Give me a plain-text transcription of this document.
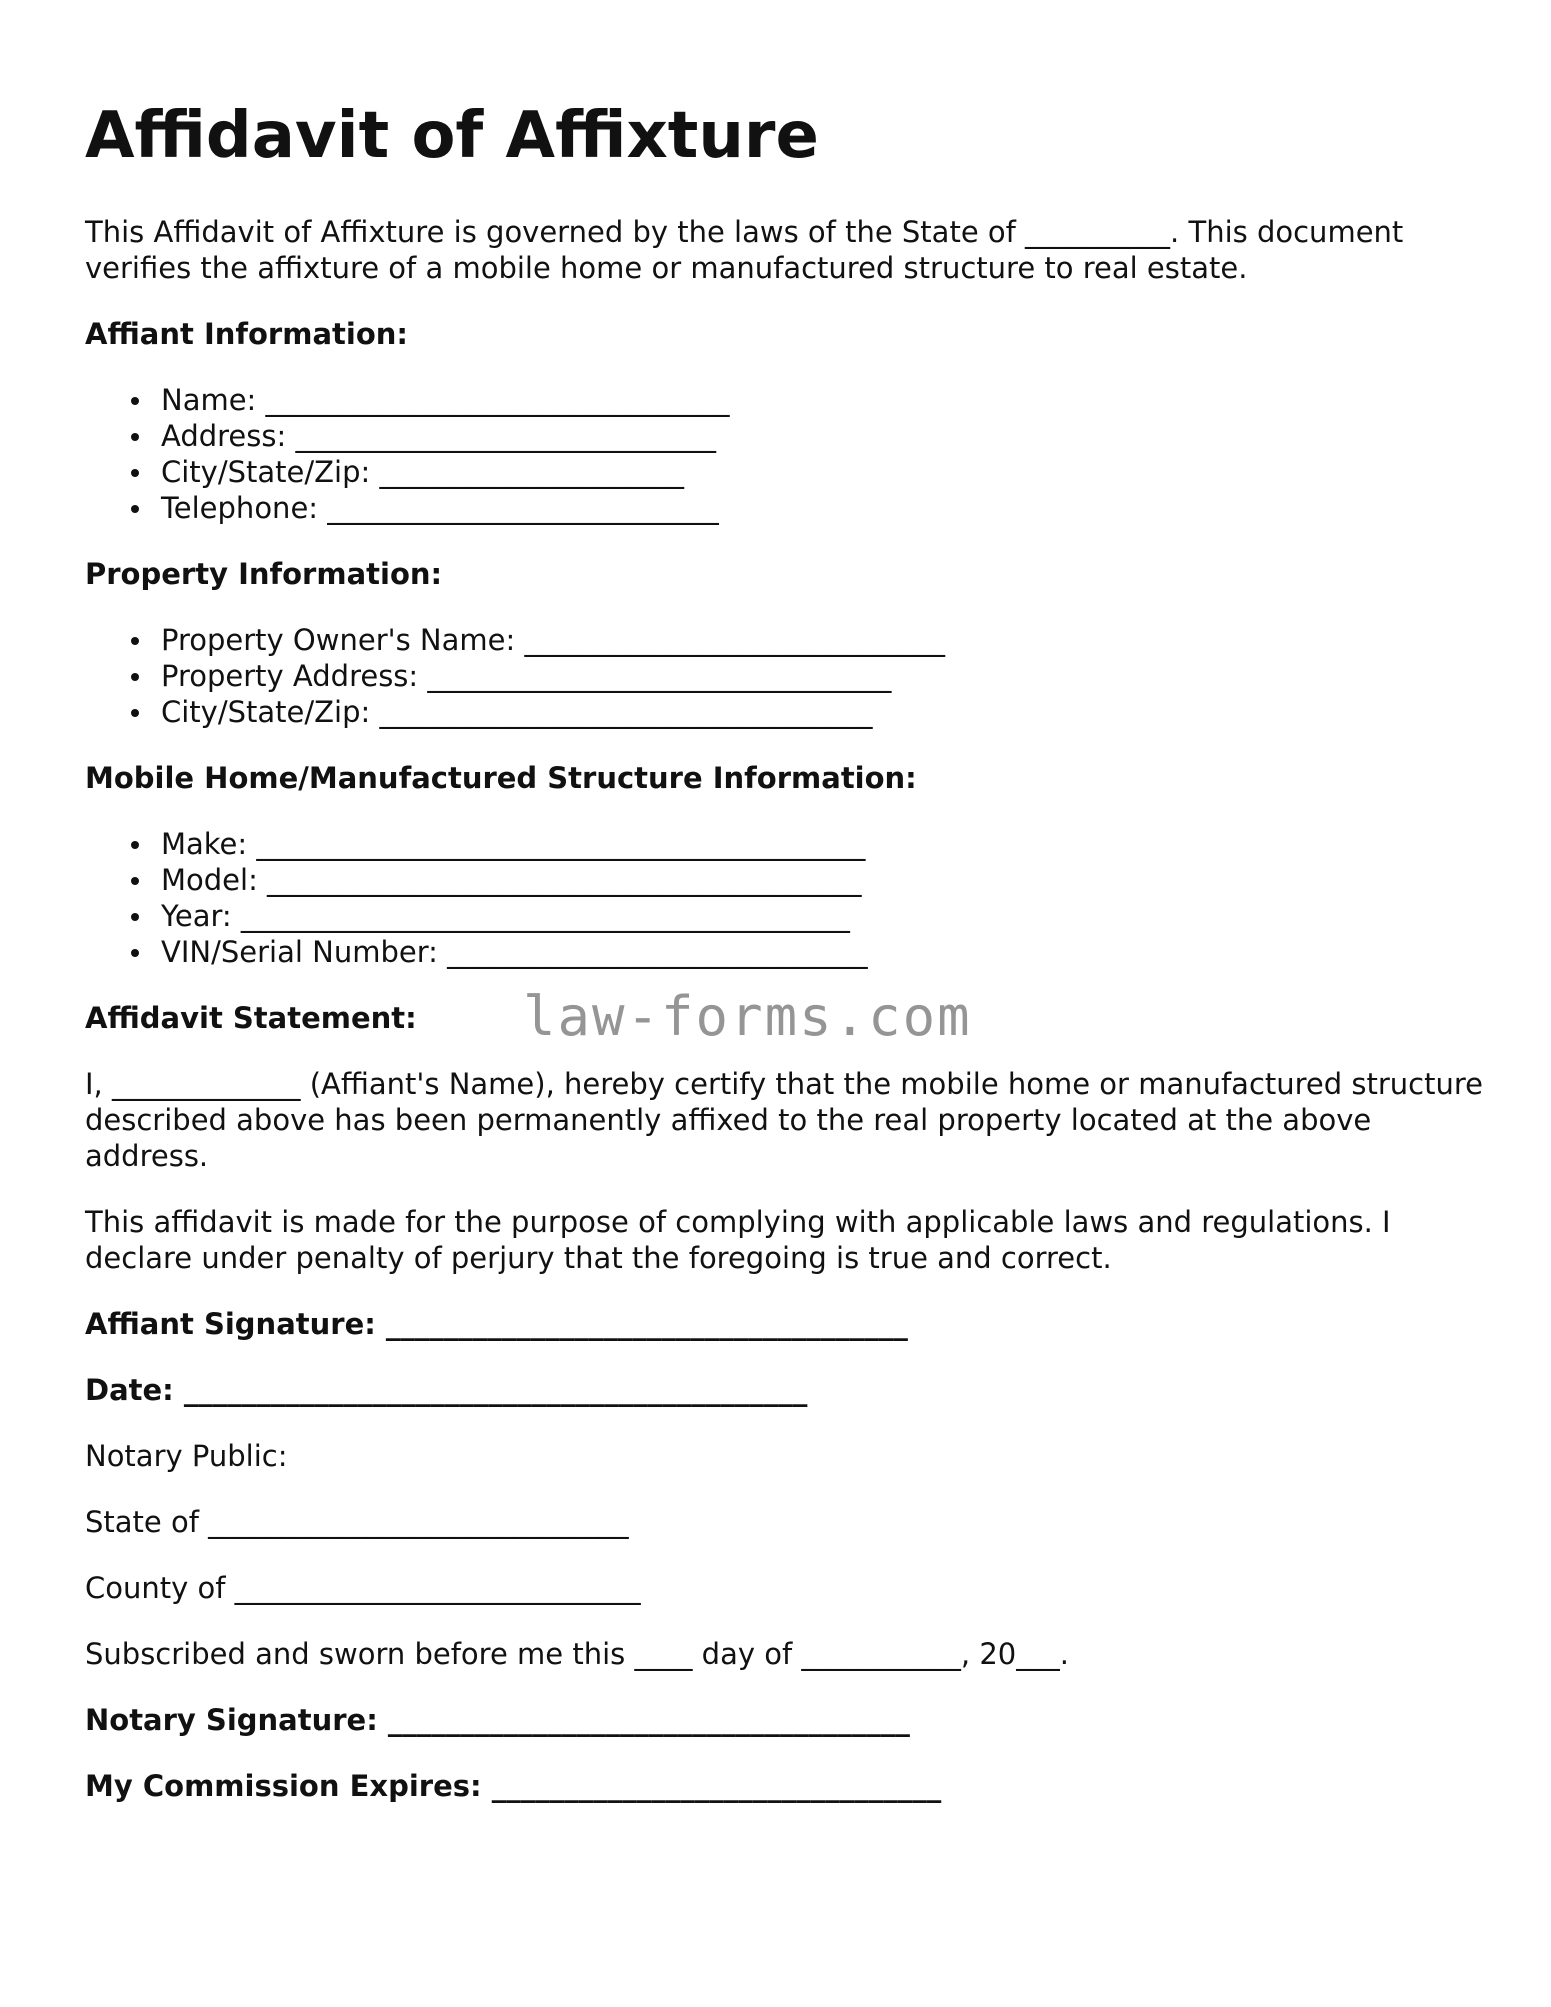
Affidavit of Affixture

This Affidavit of Affixture is governed by the laws of the State of __________. This document verifies the affixture of a mobile home or manufactured structure to real estate.

Affiant Information:

Name: ________________________________
Address: _____________________________
City/State/Zip: _____________________
Telephone: ___________________________

Property Information:

Property Owner's Name: _____________________________
Property Address: ________________________________
City/State/Zip: __________________________________

Mobile Home/Manufactured Structure Information:

Make: __________________________________________
Model: _________________________________________
Year: __________________________________________
VIN/Serial Number: _____________________________

Affidavit Statement:

I, _____________ (Affiant's Name), hereby certify that the mobile home or manufactured structure described above has been permanently affixed to the real property located at the above address.

This affidavit is made for the purpose of complying with applicable laws and regulations. I declare under penalty of perjury that the foregoing is true and correct.

Affiant Signature: ____________________________________

Date: ___________________________________________

Notary Public:

State of _____________________________

County of ____________________________

Subscribed and sworn before me this ____ day of ___________, 20___.

Notary Signature: ____________________________________

My Commission Expires: _______________________________

law-forms.com
